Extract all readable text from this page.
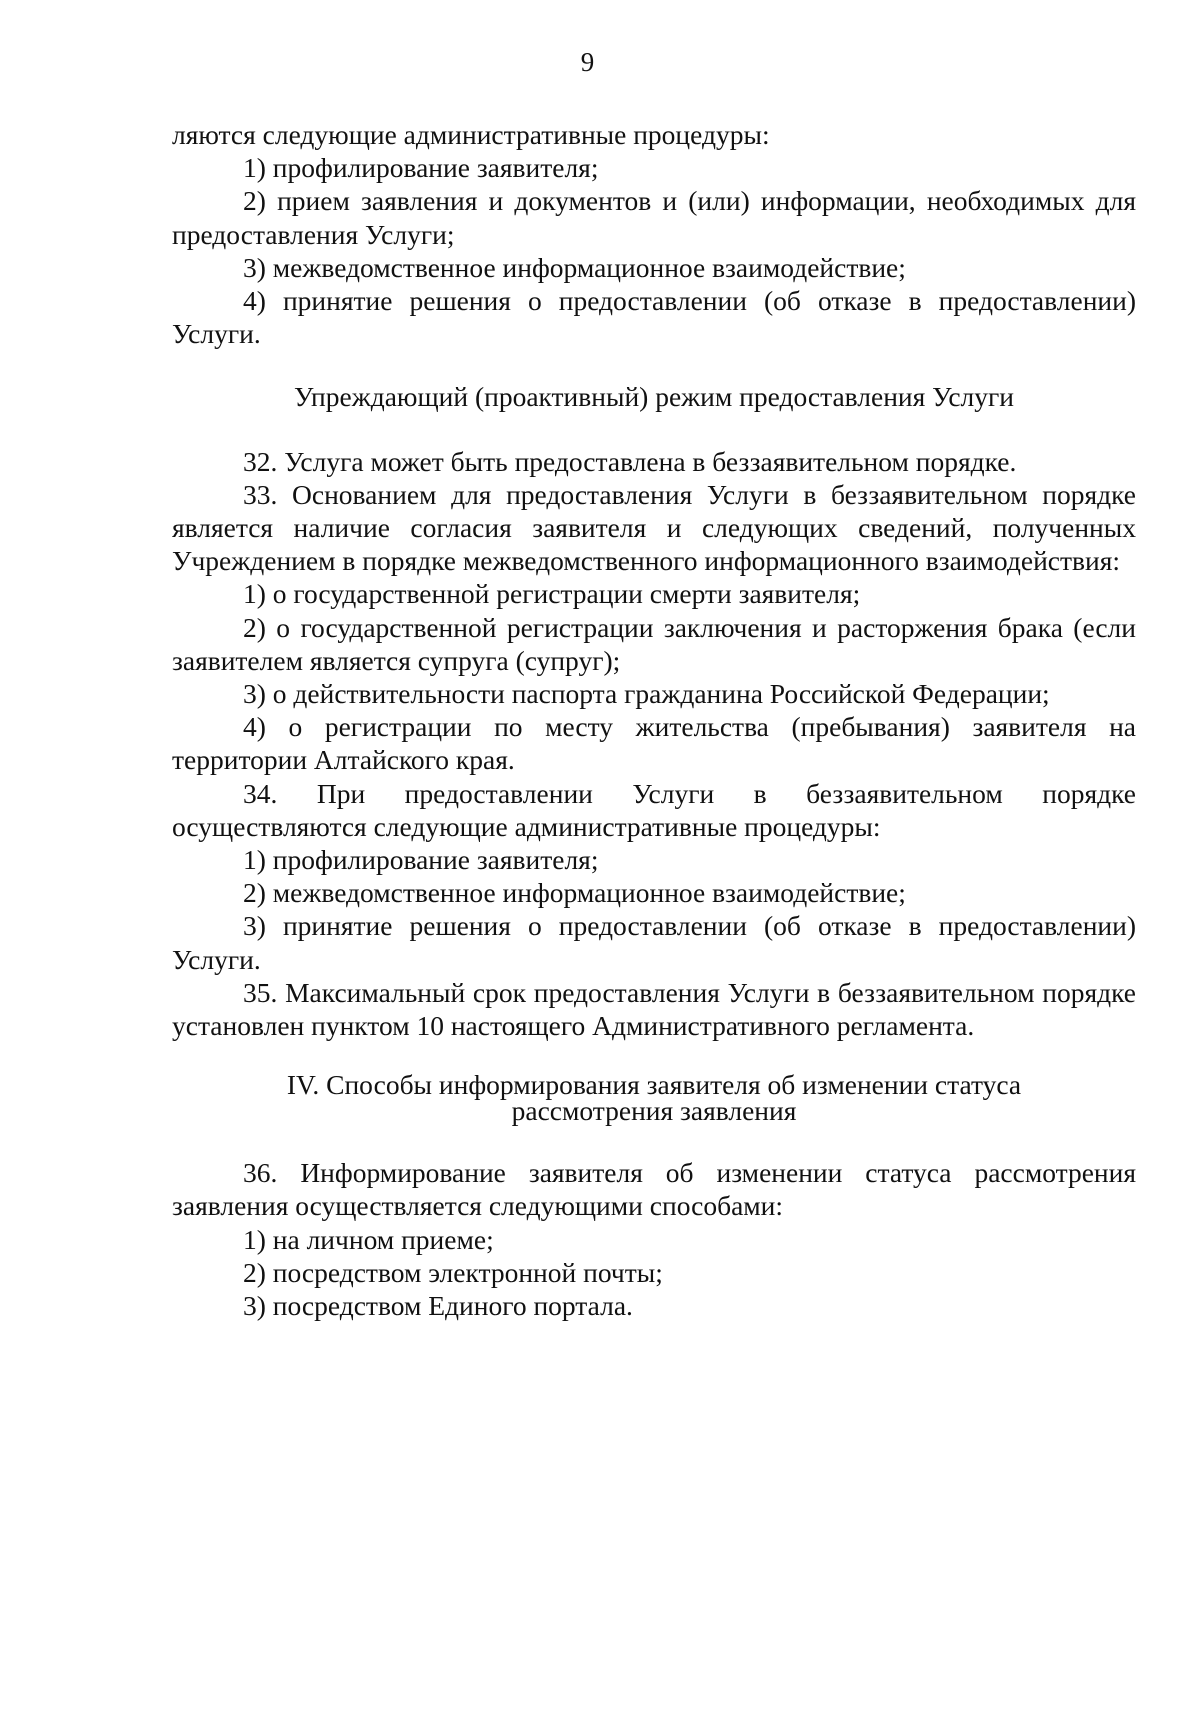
9

ляются следующие административные процедуры:

1) профилирование заявителя;

2) прием заявления и документов и (или) информации, необходимых для предоставления Услуги;

3) межведомственное информационное взаимодействие;

4) принятие решения о предоставлении (об отказе в предоставлении) Услуги.

Упреждающий (проактивный) режим предоставления Услуги

32. Услуга может быть предоставлена в беззаявительном порядке.

33. Основанием для предоставления Услуги в беззаявительном порядке является наличие согласия заявителя и следующих сведений, полученных Учреждением в порядке межведомственного информационного взаимодействия:

1) о государственной регистрации смерти заявителя;

2) о государственной регистрации заключения и расторжения брака (если заявителем является супруга (супруг);

3) о действительности паспорта гражданина Российской Федерации;

4) о регистрации по месту жительства (пребывания) заявителя на территории Алтайского края.

34. При предоставлении Услуги в беззаявительном порядке осуществляются следующие административные процедуры:

1) профилирование заявителя;

2) межведомственное информационное взаимодействие;

3) принятие решения о предоставлении (об отказе в предоставлении) Услуги.

35. Максимальный срок предоставления Услуги в беззаявительном порядке установлен пунктом 10 настоящего Административного регламента.

IV. Способы информирования заявителя об изменении статуса

рассмотрения заявления

36. Информирование заявителя об изменении статуса рассмотрения заявления осуществляется следующими способами:

1) на личном приеме;

2) посредством электронной почты;

3) посредством Единого портала.
